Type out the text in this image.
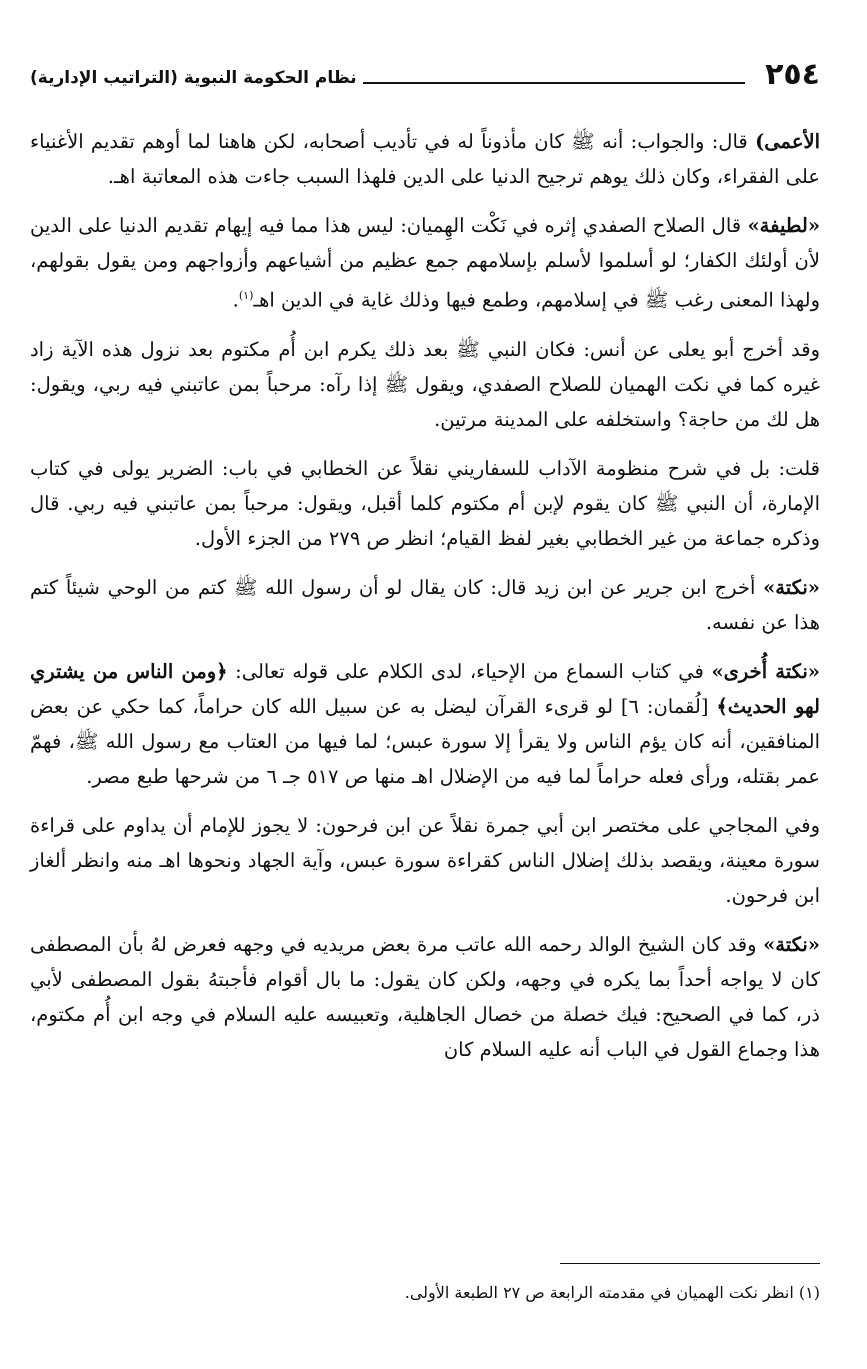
٢٥٤
نظام الحكومة النبوية (التراتيب الإدارية)

الأعمى) قال: والجواب: أنه ﷺ كان مأذوناً له في تأديب أصحابه، لكن هاهنا لما أوهم تقديم الأغنياء على الفقراء، وكان ذلك يوهم ترجيح الدنيا على الدين فلهذا السبب جاءت هذه المعاتبة اهـ.

«لطيفة» قال الصلاح الصفدي إثره في نَكْت الهِميان: ليس هذا مما فيه إيهام تقديم الدنيا على الدين لأن أولئك الكفار؛ لو أسلموا لأسلم بإسلامهم جمع عظيم من أشياعهم وأزواجهم ومن يقول بقولهم، ولهذا المعنى رغب ﷺ في إسلامهم، وطمع فيها وذلك غاية في الدين اهـ$^{(١)}$.

وقد أخرج أبو يعلى عن أنس: فكان النبي ﷺ بعد ذلك يكرم ابن أُم مكتوم بعد نزول هذه الآية زاد غيره كما في نكت الهميان للصلاح الصفدي، ويقول ﷺ إذا رآه: مرحباً بمن عاتبني فيه ربي، ويقول: هل لك من حاجة؟ واستخلفه على المدينة مرتين.

قلت: بل في شرح منظومة الآداب للسفاريني نقلاً عن الخطابي في باب: الضرير يولى في كتاب الإمارة، أن النبي ﷺ كان يقوم لإبن أم مكتوم كلما أقبل، ويقول: مرحباً بمن عاتبني فيه ربي. قال وذكره جماعة من غير الخطابي بغير لفظ القيام؛ انظر ص ٢٧٩ من الجزء الأول.

«نكتة» أخرج ابن جرير عن ابن زيد قال: كان يقال لو أن رسول الله ﷺ كتم من الوحي شيئاً كتم هذا عن نفسه.

«نكتة أُخرى» في كتاب السماع من الإحياء، لدى الكلام على قوله تعالى: ﴿ومن الناس من يشتري لهو الحديث﴾ [لُقمان: ٦] لو قرىء القرآن ليضل به عن سبيل الله كان حراماً، كما حكي عن بعض المنافقين، أنه كان يؤم الناس ولا يقرأ إلا سورة عبس؛ لما فيها من العتاب مع رسول الله ﷺ، فهمّ عمر بقتله، ورأى فعله حراماً لما فيه من الإضلال اهـ منها ص ٥١٧ جـ ٦ من شرحها طبع مصر.

وفي المجاجي على مختصر ابن أبي جمرة نقلاً عن ابن فرحون: لا يجوز للإمام أن يداوم على قراءة سورة معينة، ويقصد بذلك إضلال الناس كقراءة سورة عبس، وآية الجهاد ونحوها اهـ منه وانظر ألغاز ابن فرحون.

«نكتة» وقد كان الشيخ الوالد رحمه الله عاتب مرة بعض مريديه في وجهه فعرض لهُ بأن المصطفى كان لا يواجه أحداً بما يكره في وجهه، ولكن كان يقول: ما بال أقوام فأجبتهُ بقول المصطفى لأبي ذر، كما في الصحيح: فيك خصلة من خصال الجاهلية، وتعبيسه عليه السلام في وجه ابن أُم مكتوم، هذا وجماع القول في الباب أنه عليه السلام كان

(١) انظر نكت الهميان في مقدمته الرابعة ص ٢٧ الطبعة الأولى.
